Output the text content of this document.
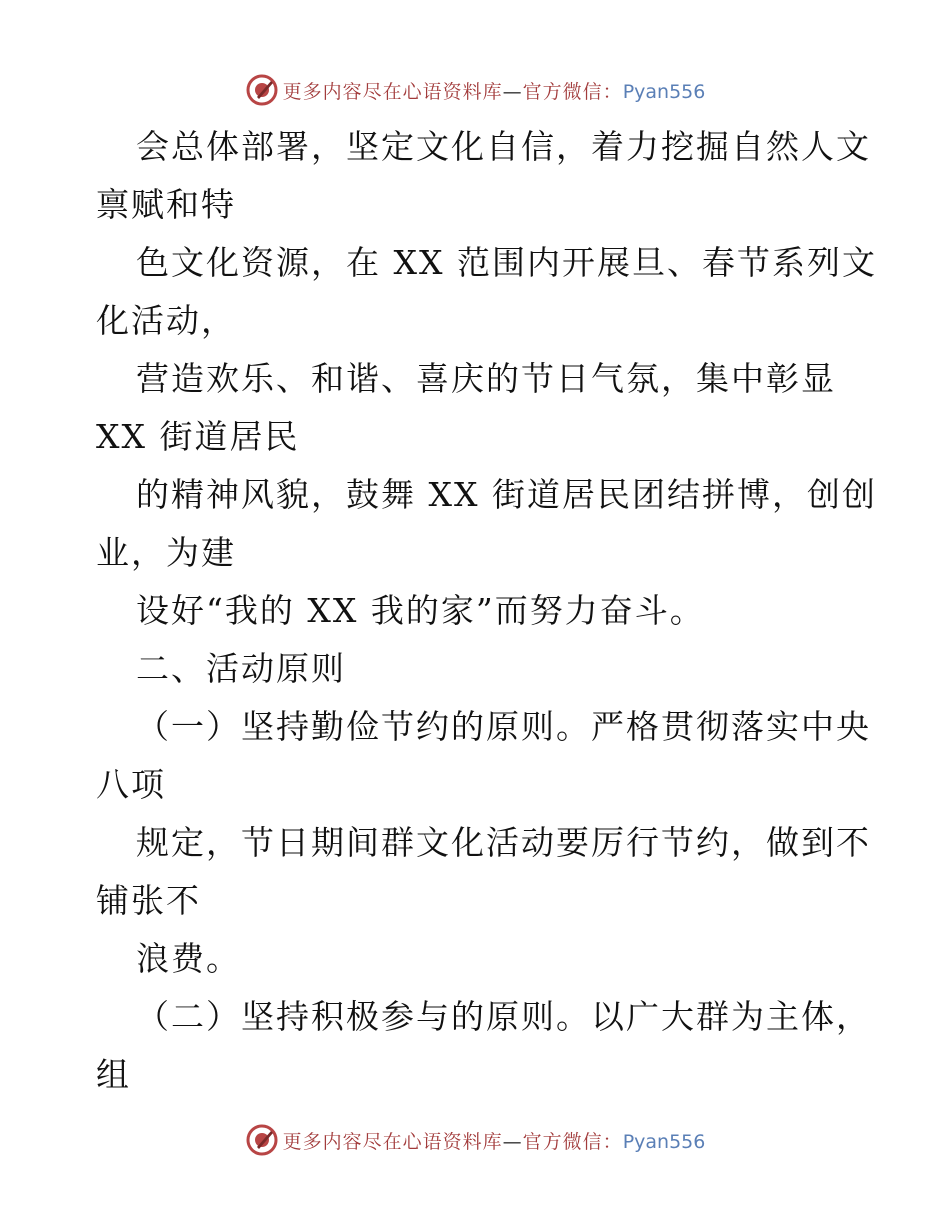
更多内容尽在心语资料库—官方微信：Pyan556
会总体部署，坚定文化自信，着力挖掘自然人文
禀赋和特
色文化资源，在 XX 范围内开展旦、春节系列文
化活动，
营造欢乐、和谐、喜庆的节日气氛，集中彰显
XX 街道居民
的精神风貌，鼓舞 XX 街道居民团结拼博，创创
业，为建
设好“我的 XX 我的家”而努力奋斗。
二、活动原则
（一）坚持勤俭节约的原则。严格贯彻落实中央
八项
规定，节日期间群文化活动要厉行节约，做到不
铺张不
浪费。
（二）坚持积极参与的原则。以广大群为主体，
组
更多内容尽在心语资料库—官方微信：Pyan556
